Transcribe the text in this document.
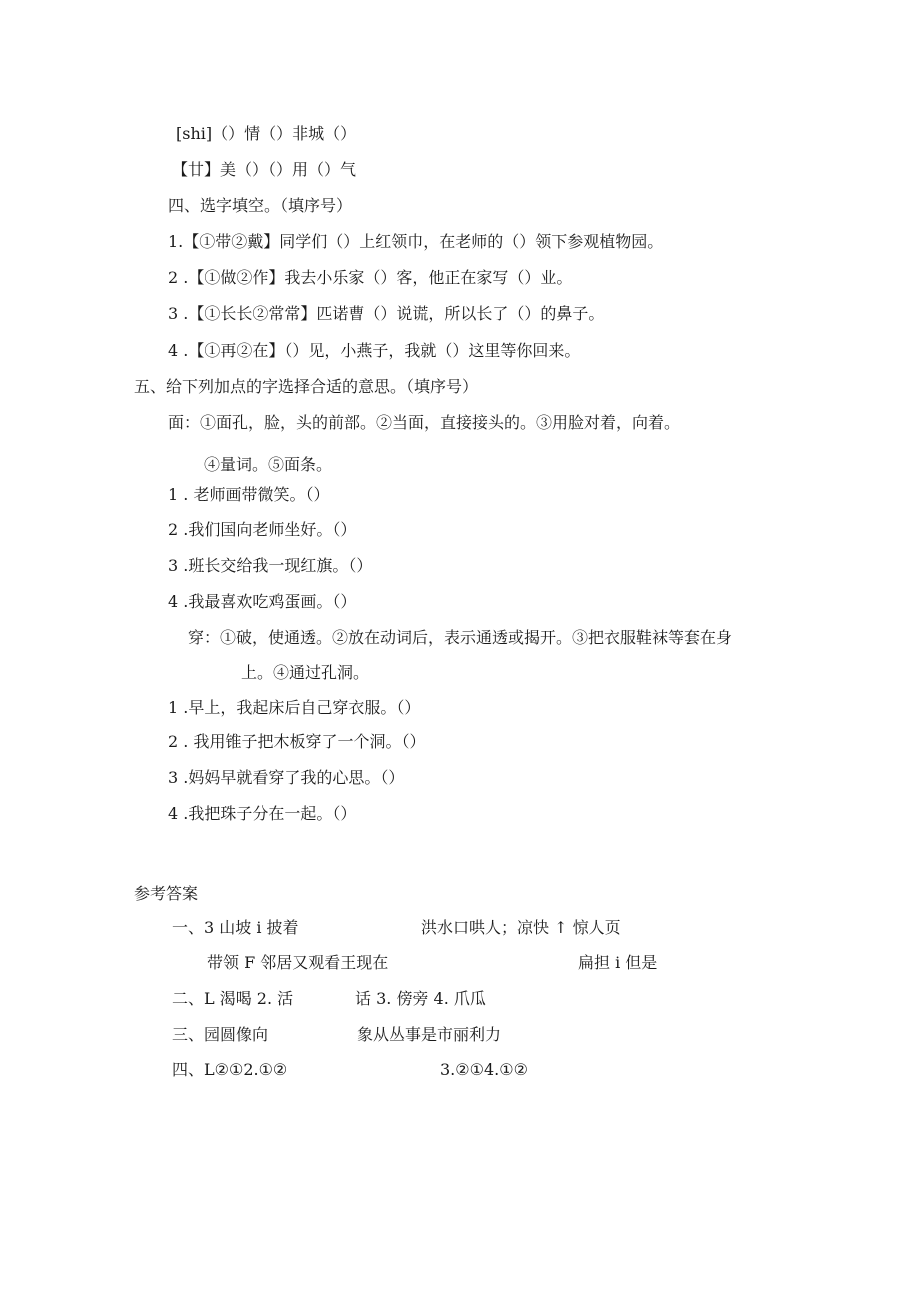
[shi]（）情（）非城（）
【廿】美（）（）用（）气
四、选字填空。（填序号）
1.【①带②戴】同学们（）上红领巾，在老师的（）领下参观植物园。
2 .【①做②作】我去小乐家（）客，他正在家写（）业。
3 .【①长长②常常】匹诺曹（）说谎，所以长了（）的鼻子。
4 .【①再②在】（）见，小燕子，我就（）这里等你回来。
五、给下列加点的字选择合适的意思。（填序号）
面：①面孔，脸，头的前部。②当面，直接接头的。③用脸对着，向着。
④量词。⑤面条。
1 . 老师画带微笑。（）
2 .我们国向老师坐好。（）
3 .班长交给我一现红旗。（）
4 .我最喜欢吃鸡蛋画。（）
穿：①破，使通透。②放在动词后，表示通透或揭开。③把衣服鞋袜等套在身
上。④通过孔洞。
1 .早上，我起床后自己穿衣服。（）
2 . 我用锥子把木板穿了一个洞。（）
3 .妈妈早就看穿了我的心思。（）
4 .我把珠子分在一起。（）
参考答案
一、3 山坡 i 披着	洪水口哄人；凉快 ↑ 惊人页
带领 F 邻居又观看王现在	扁担 i 但是
二、L 渴喝 2. 活	话 3. 傍旁 4. 爪瓜
三、园圆像向	象从丛事是市丽利力
四、L②①2.①②	3.②①4.①②
